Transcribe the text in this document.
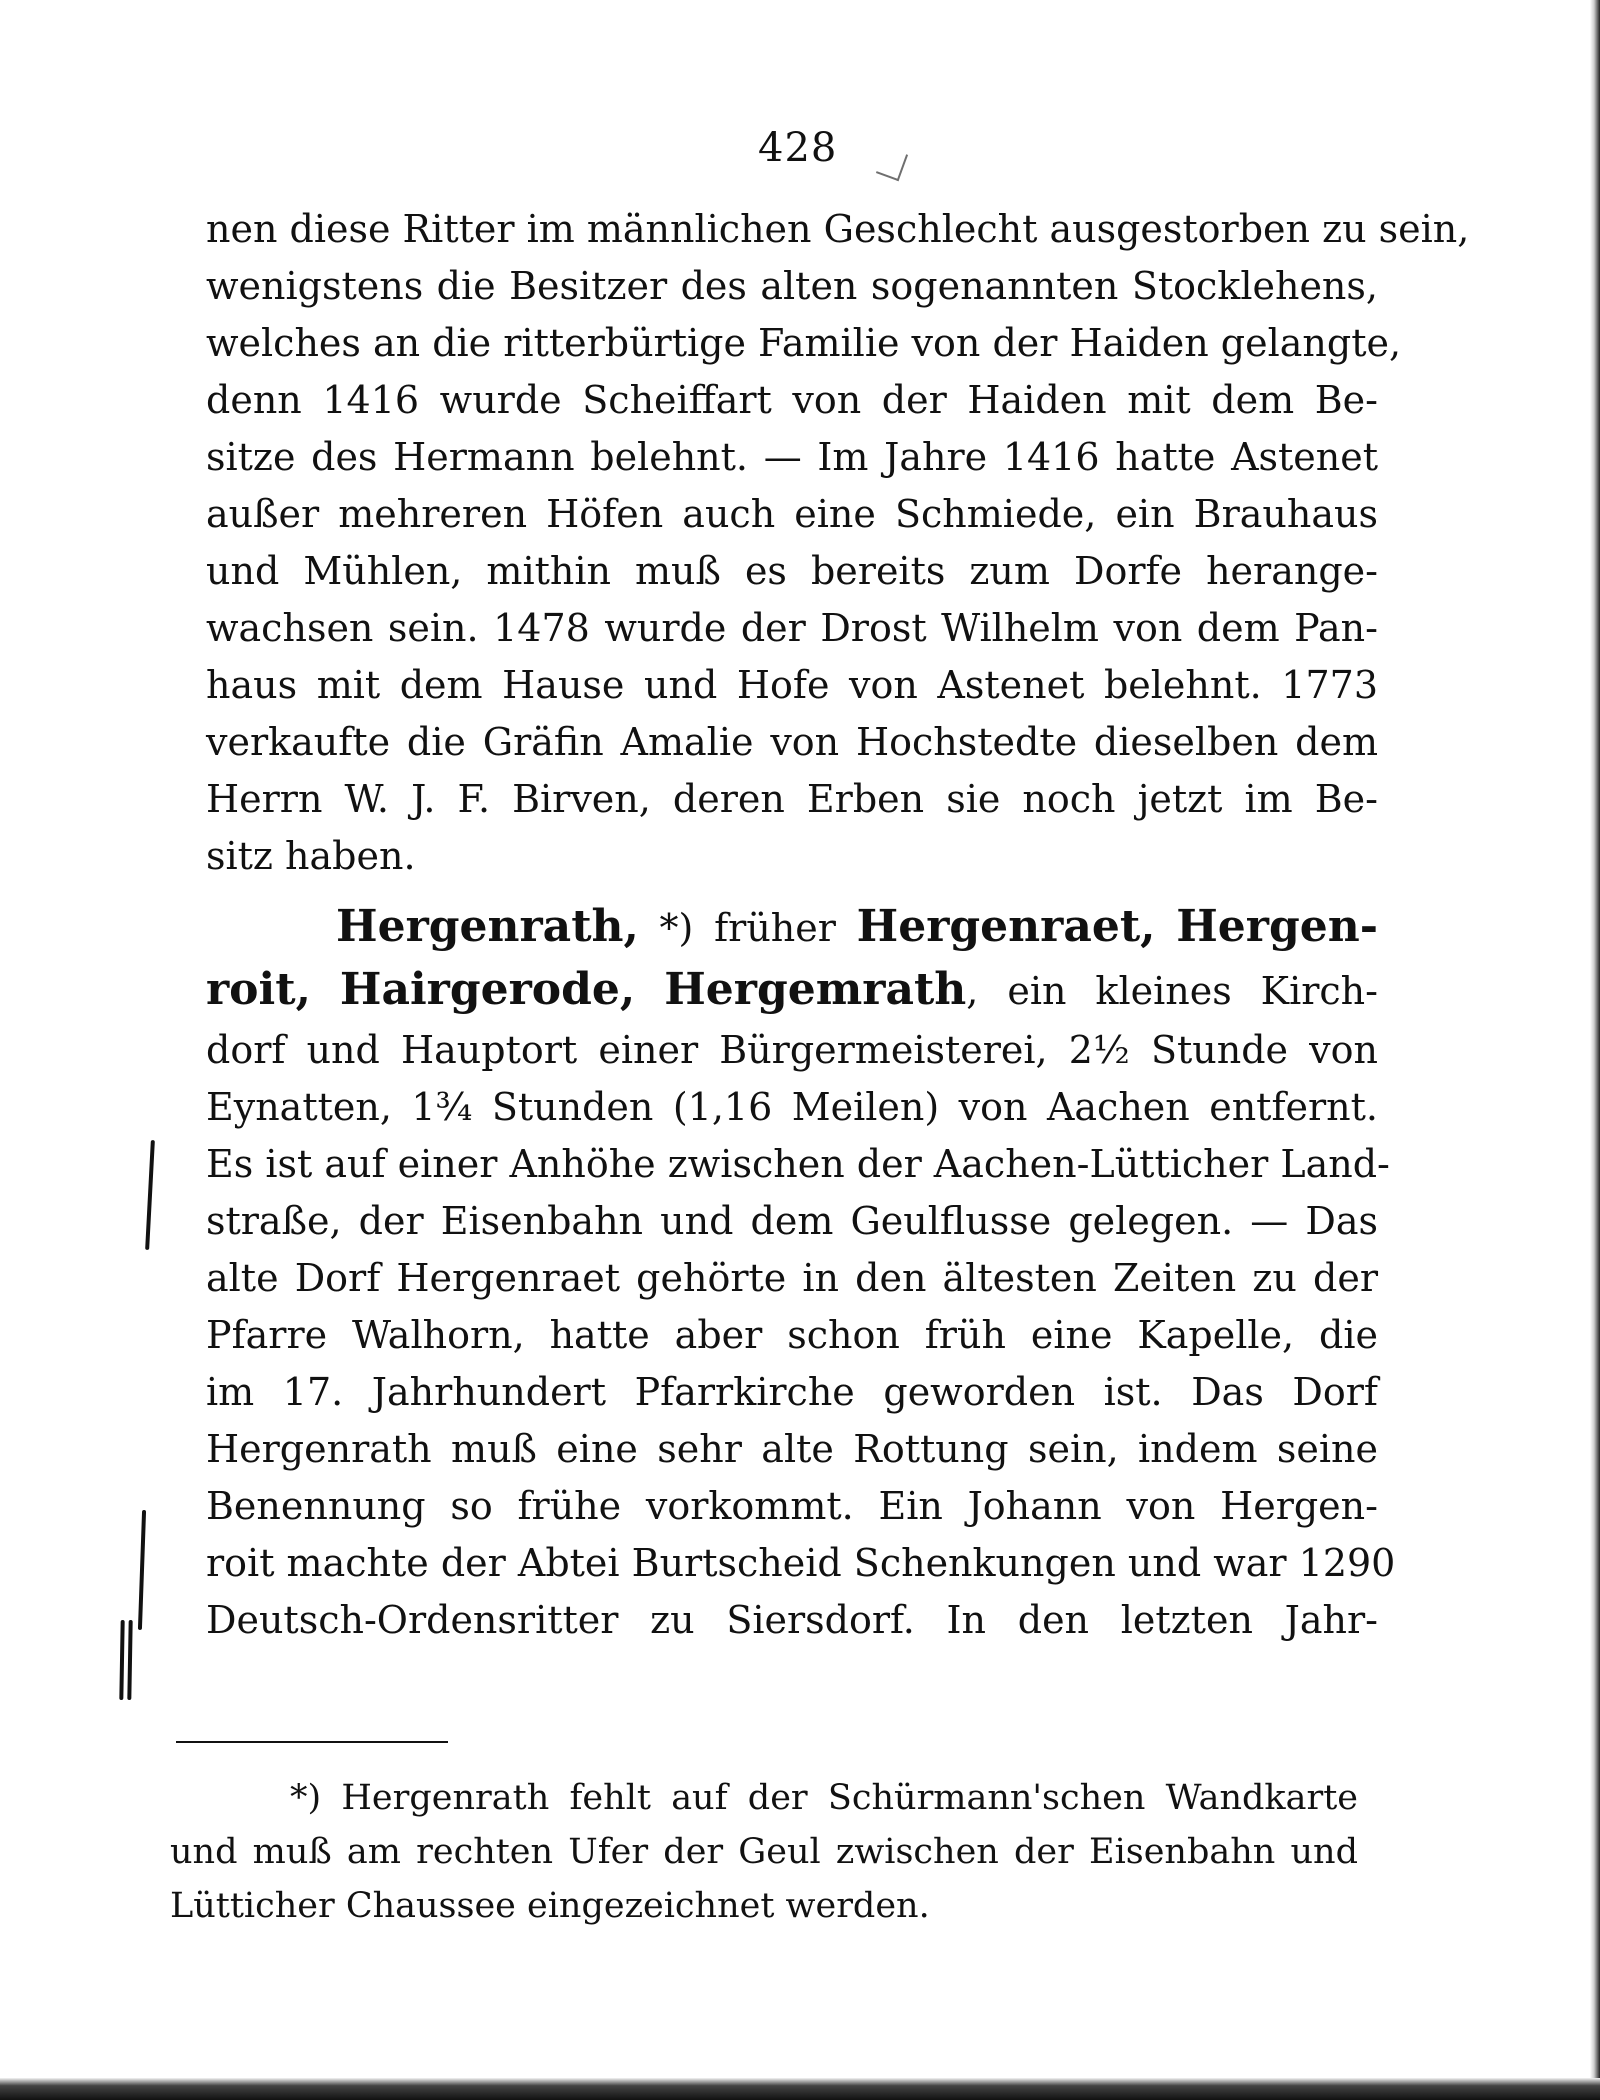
428
nen diese Ritter im männlichen Geschlecht ausgestorben zu sein,
wenigstens die Besitzer des alten sogenannten Stocklehens,
welches an die ritterbürtige Familie von der Haiden gelangte,
denn 1416 wurde Scheiffart von der Haiden mit dem Be-
sitze des Hermann belehnt. — Im Jahre 1416 hatte Astenet
außer mehreren Höfen auch eine Schmiede, ein Brauhaus
und Mühlen, mithin muß es bereits zum Dorfe herange-
wachsen sein. 1478 wurde der Drost Wilhelm von dem Pan-
haus mit dem Hause und Hofe von Astenet belehnt. 1773
verkaufte die Gräfin Amalie von Hochstedte dieselben dem
Herrn W. J. F. Birven, deren Erben sie noch jetzt im Be-
sitz haben.
Hergenrath, *) früher Hergenraet, Hergen-
roit, Hairgerode, Hergemrath, ein kleines Kirch-
dorf und Hauptort einer Bürgermeisterei, 2½ Stunde von
Eynatten, 1¾ Stunden (1,16 Meilen) von Aachen entfernt.
Es ist auf einer Anhöhe zwischen der Aachen-Lütticher Land-
straße, der Eisenbahn und dem Geulflusse gelegen. — Das
alte Dorf Hergenraet gehörte in den ältesten Zeiten zu der
Pfarre Walhorn, hatte aber schon früh eine Kapelle, die
im 17. Jahrhundert Pfarrkirche geworden ist. Das Dorf
Hergenrath muß eine sehr alte Rottung sein, indem seine
Benennung so frühe vorkommt. Ein Johann von Hergen-
roit machte der Abtei Burtscheid Schenkungen und war 1290
Deutsch-Ordensritter zu Siersdorf. In den letzten Jahr-
*) Hergenrath fehlt auf der Schürmann'schen Wandkarte
und muß am rechten Ufer der Geul zwischen der Eisenbahn und
Lütticher Chaussee eingezeichnet werden.
